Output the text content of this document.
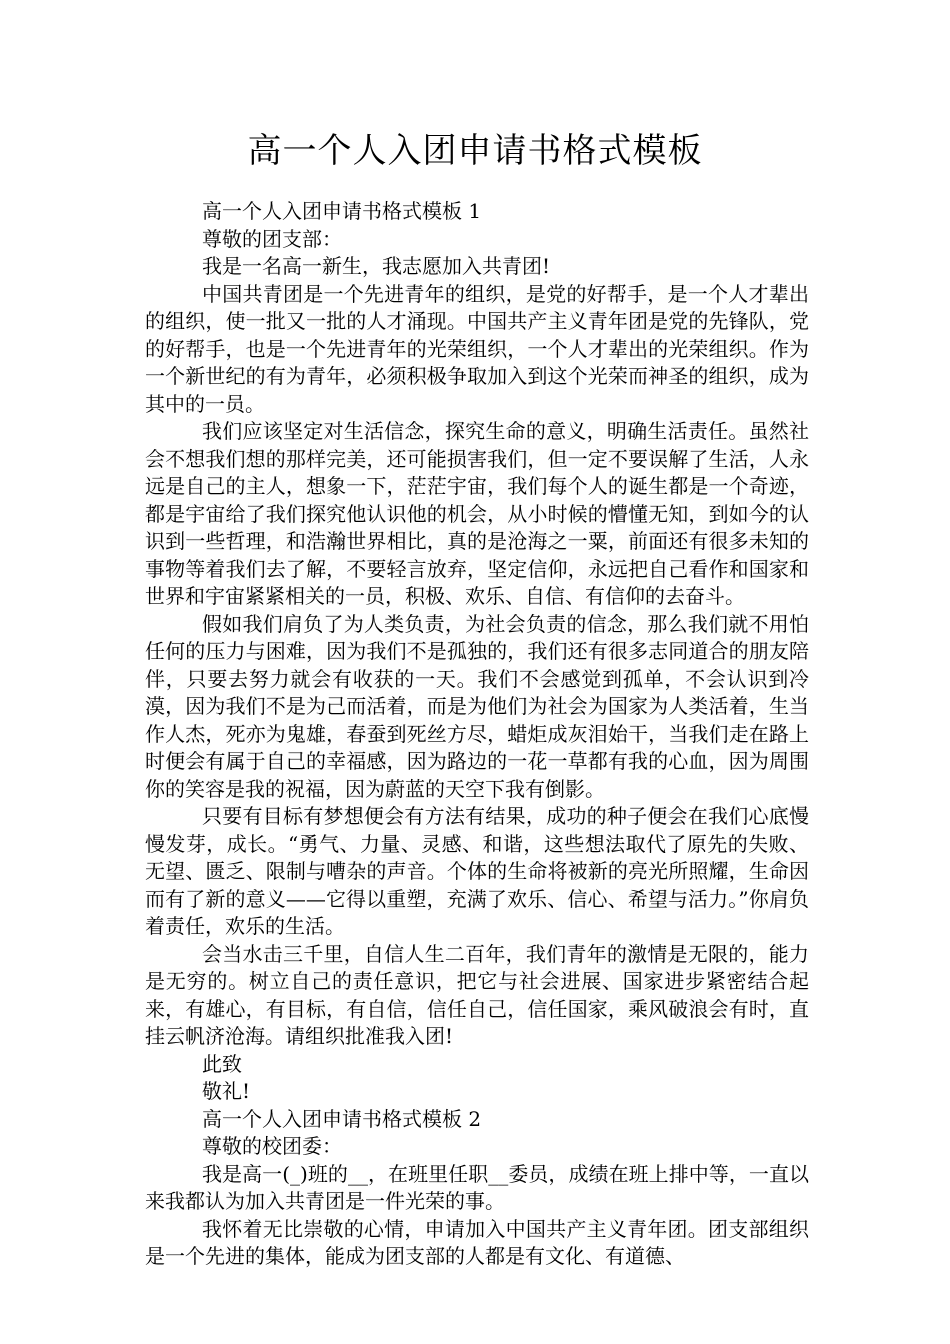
高一个人入团申请书格式模板

高一个人入团申请书格式模板 1

尊敬的团支部：

我是一名高一新生，我志愿加入共青团!

中国共青团是一个先进青年的组织，是党的好帮手，是一个人才辈出的组织，使一批又一批的人才涌现。中国共产主义青年团是党的先锋队，党的好帮手，也是一个先进青年的光荣组织，一个人才辈出的光荣组织。作为一个新世纪的有为青年，必须积极争取加入到这个光荣而神圣的组织，成为其中的一员。

我们应该坚定对生活信念，探究生命的意义，明确生活责任。虽然社会不想我们想的那样完美，还可能损害我们，但一定不要误解了生活，人永远是自己的主人，想象一下，茫茫宇宙，我们每个人的诞生都是一个奇迹，都是宇宙给了我们探究他认识他的机会，从小时候的懵懂无知，到如今的认识到一些哲理，和浩瀚世界相比，真的是沧海之一粟，前面还有很多未知的事物等着我们去了解，不要轻言放弃，坚定信仰，永远把自己看作和国家和世界和宇宙紧紧相关的一员，积极、欢乐、自信、有信仰的去奋斗。

假如我们肩负了为人类负责，为社会负责的信念，那么我们就不用怕任何的压力与困难，因为我们不是孤独的，我们还有很多志同道合的朋友陪伴，只要去努力就会有收获的一天。我们不会感觉到孤单，不会认识到冷漠，因为我们不是为己而活着，而是为他们为社会为国家为人类活着，生当作人杰，死亦为鬼雄，春蚕到死丝方尽，蜡炬成灰泪始干，当我们走在路上时便会有属于自己的幸福感，因为路边的一花一草都有我的心血，因为周围你的笑容是我的祝福，因为蔚蓝的天空下我有倒影。

只要有目标有梦想便会有方法有结果，成功的种子便会在我们心底慢慢发芽，成长。“勇气、力量、灵感、和谐，这些想法取代了原先的失败、无望、匮乏、限制与嘈杂的声音。个体的生命将被新的亮光所照耀，生命因而有了新的意义——它得以重塑，充满了欢乐、信心、希望与活力。”你肩负着责任，欢乐的生活。

会当水击三千里，自信人生二百年，我们青年的激情是无限的，能力是无穷的。树立自己的责任意识，把它与社会进展、国家进步紧密结合起来，有雄心，有目标，有自信，信任自己，信任国家，乘风破浪会有时，直挂云帆济沧海。请组织批准我入团!

此致

敬礼!

高一个人入团申请书格式模板 2

尊敬的校团委：

我是高一(_)班的__，在班里任职__委员，成绩在班上排中等，一直以来我都认为加入共青团是一件光荣的事。

我怀着无比崇敬的心情，申请加入中国共产主义青年团。团支部组织是一个先进的集体，能成为团支部的人都是有文化、有道德、
